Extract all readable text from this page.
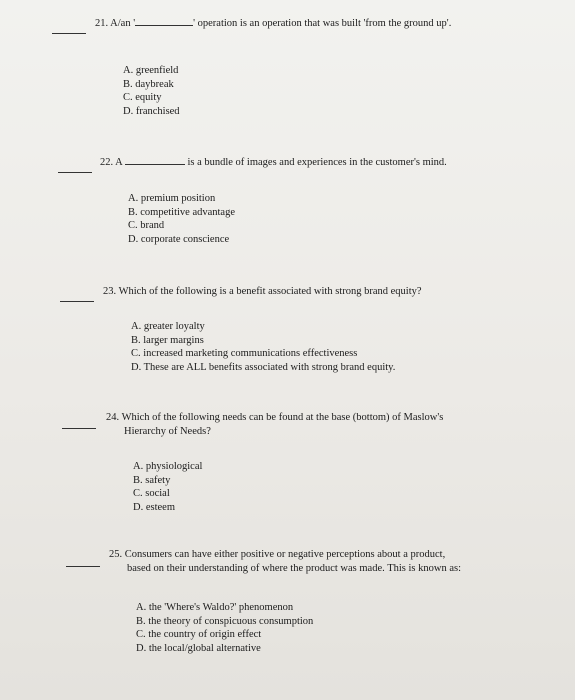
21. A/an '	' operation is an operation that was built 'from the ground up'.
A. greenfield
B. daybreak
C. equity
D. franchised
22. A	is a bundle of images and experiences in the customer's mind.
A. premium position
B. competitive advantage
C. brand
D. corporate conscience
23. Which of the following is a benefit associated with strong brand equity?
A. greater loyalty
B. larger margins
C. increased marketing communications effectiveness
D. These are ALL benefits associated with strong brand equity.
24. Which of the following needs can be found at the base (bottom) of Maslow's
Hierarchy of Needs?
A. physiological
B. safety
C. social
D. esteem
25. Consumers can have either positive or negative perceptions about a product,
based on their understanding of where the product was made. This is known as:
A. the 'Where's Waldo?' phenomenon
B. the theory of conspicuous consumption
C. the country of origin effect
D. the local/global alternative
